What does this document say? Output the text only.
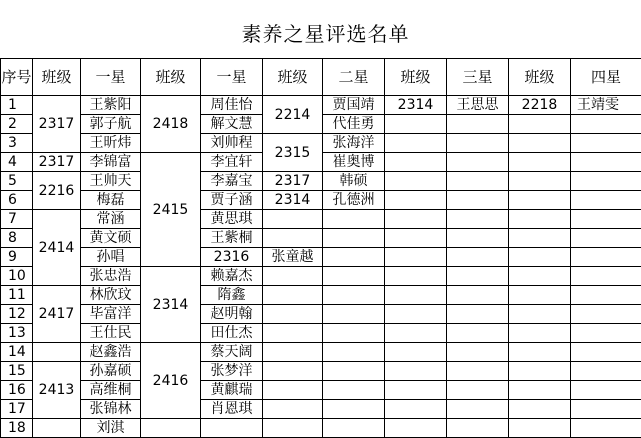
素养之星评选名单
序号	班级	一星	班级	一星	班级	二星	班级	三星	班级	四星	
1	2317	王紫阳	2418	周佳怡	2214	贾国靖	2314	王思思	2218	王靖雯	
2		郭子航		解文慧		代佳勇					
3		王昕炜		刘帅程	2315	张海洋					
4	2317	李锦富	2415	李宜轩		崔奥博					
5	2216	王帅天		李嘉宝	2317	韩硕					
6		梅磊		贾子涵	2314	孔德洲					
7	2414	常涵		黄思琪							
8		黄文硕		王紫桐							
9		孙唱		2316	张童越						
10		张忠浩	2314	赖嘉杰							
11	2417	林欣玟		隋鑫							
12		毕富洋		赵明翰							
13		王仕民		田仕杰							
14		赵鑫浩	2416	蔡天阔							
15	2413	孙嘉硕		张梦洋							
16		高维桐		黄麒瑞							
17		张锦林		肖恩琪							
18		刘淇									
